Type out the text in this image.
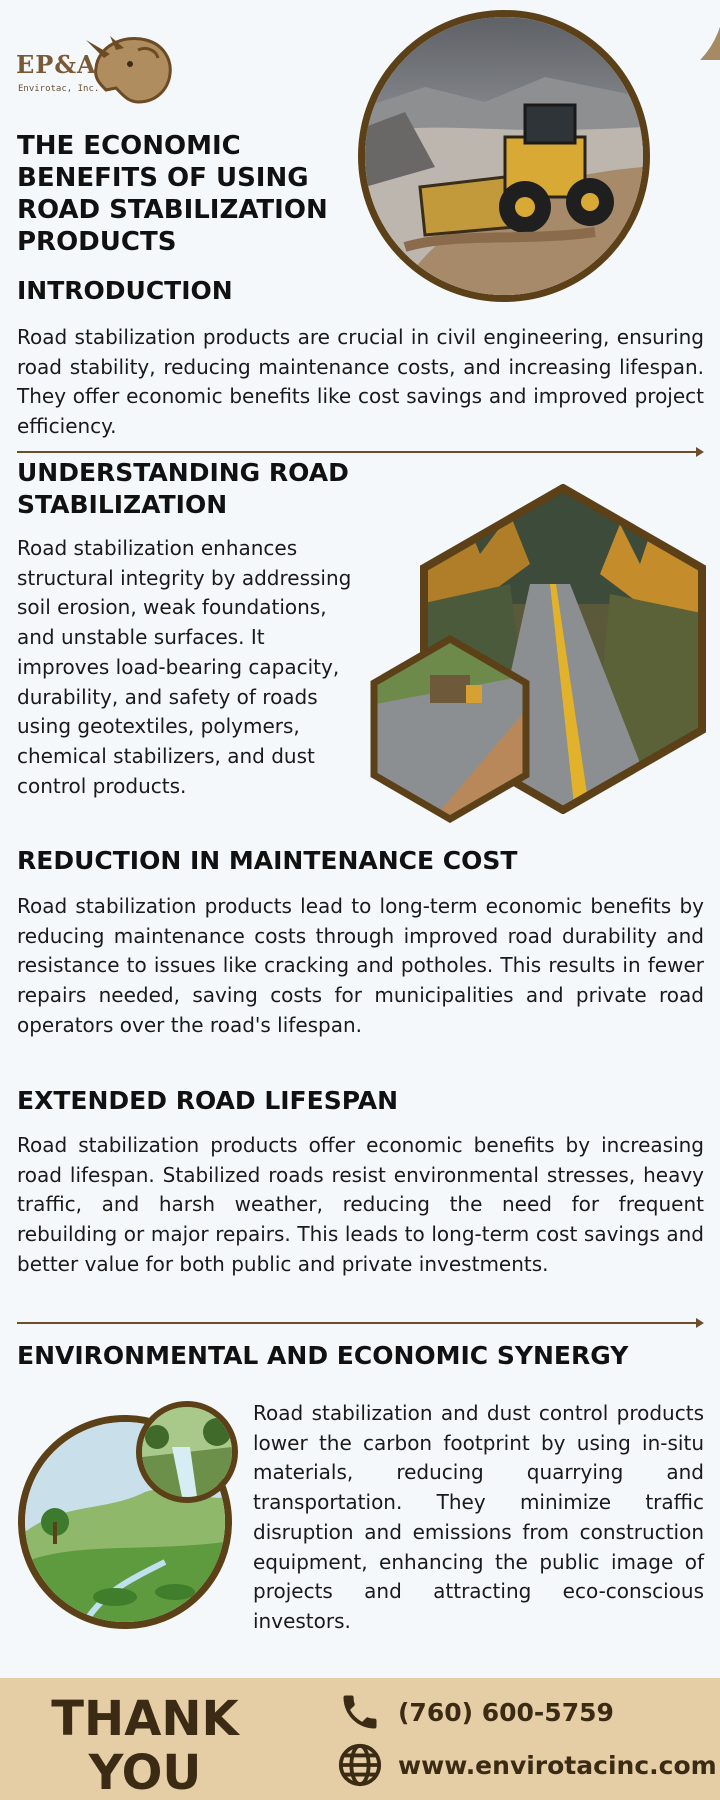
EP&A
Envirotac, Inc.
THE ECONOMIC BENEFITS OF USING ROAD STABILIZATION PRODUCTS
INTRODUCTION
Road stabilization products are crucial in civil engineering, ensuring road stability, reducing maintenance costs, and increasing lifespan. They offer economic benefits like cost savings and improved project efficiency.
UNDERSTANDING ROAD STABILIZATION
Road stabilization enhances structural integrity by addressing soil erosion, weak foundations, and unstable surfaces. It improves load-bearing capacity, durability, and safety of roads using geotextiles, polymers, chemical stabilizers, and dust control products.
REDUCTION IN MAINTENANCE COST
Road stabilization products lead to long-term economic benefits by reducing maintenance costs through improved road durability and resistance to issues like cracking and potholes. This results in fewer repairs needed, saving costs for municipalities and private road operators over the road's lifespan.
EXTENDED ROAD LIFESPAN
Road stabilization products offer economic benefits by increasing road lifespan. Stabilized roads resist environmental stresses, heavy traffic, and harsh weather, reducing the need for frequent rebuilding or major repairs. This leads to long-term cost savings and better value for both public and private investments.
ENVIRONMENTAL AND ECONOMIC SYNERGY
Road stabilization and dust control products lower the carbon footprint by using in-situ materials, reducing quarrying and transportation. They minimize traffic disruption and emissions from construction equipment, enhancing the public image of projects and attracting eco-conscious investors.
THANK YOU
(760) 600-5759
www.envirotacinc.com
